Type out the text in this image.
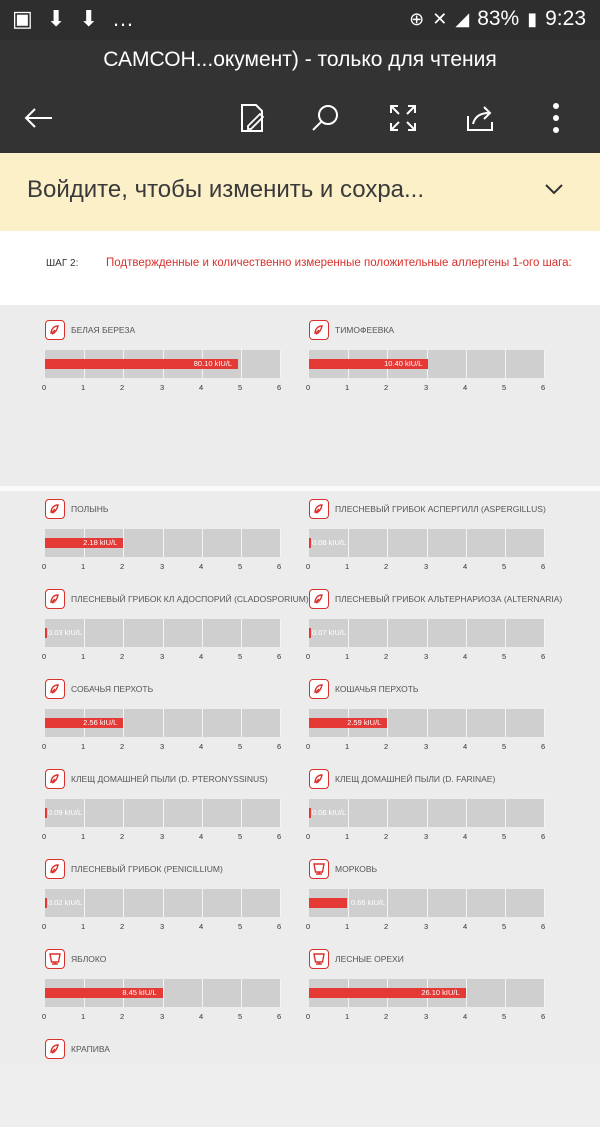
▣ ⬇ ⬇ …	⊕ ✕ ◢ 83% ▮ 9:23
САМСОН...окумент) - только для чтения
Войдите, чтобы изменить и сохра...
ШАГ 2: Подтвержденные и количественно измеренные положительные аллергены 1-ого шага:
БЕЛАЯ БЕРЕЗА
80.10 kIU/L
0	1	2	3	4	5	6
ТИМОФЕЕВКА
10.40 kIU/L
0	1	2	3	4	5	6
ПОЛЫНЬ
2.18 kIU/L
0	1	2	3	4	5	6
ПЛЕСНЕВЫЙ ГРИБОК АСПЕРГИЛЛ (ASPERGILLUS)
0.08 kIU/L
0	1	2	3	4	5	6
ПЛЕСНЕВЫЙ ГРИБОК КЛ АДОСПОРИЙ (CLADOSPORIUM)
0.03 kIU/L
0	1	2	3	4	5	6
ПЛЕСНЕВЫЙ ГРИБОК АЛЬТЕРНАРИОЗА (ALTERNARIA)
0.07 kIU/L
0	1	2	3	4	5	6
СОБАЧЬЯ ПЕРХОТЬ
2.56 kIU/L
0	1	2	3	4	5	6
КОШАЧЬЯ ПЕРХОТЬ
2.59 kIU/L
0	1	2	3	4	5	6
КЛЕЩ ДОМАШНЕЙ ПЫЛИ (D. PTERONYSSINUS)
0.09 kIU/L
0	1	2	3	4	5	6
КЛЕЩ ДОМАШНЕЙ ПЫЛИ (D. FARINAE)
0.06 kIU/L
0	1	2	3	4	5	6
ПЛЕСНЕВЫЙ ГРИБОК (PENICILLIUM)
0.02 kIU/L
0	1	2	3	4	5	6
МОРКОВЬ
0.66 kIU/L
0	1	2	3	4	5	6
ЯБЛОКО
8.45 kIU/L
0	1	2	3	4	5	6
ЛЕСНЫЕ ОРЕХИ
26.10 kIU/L
0	1	2	3	4	5	6
КРАПИВА
